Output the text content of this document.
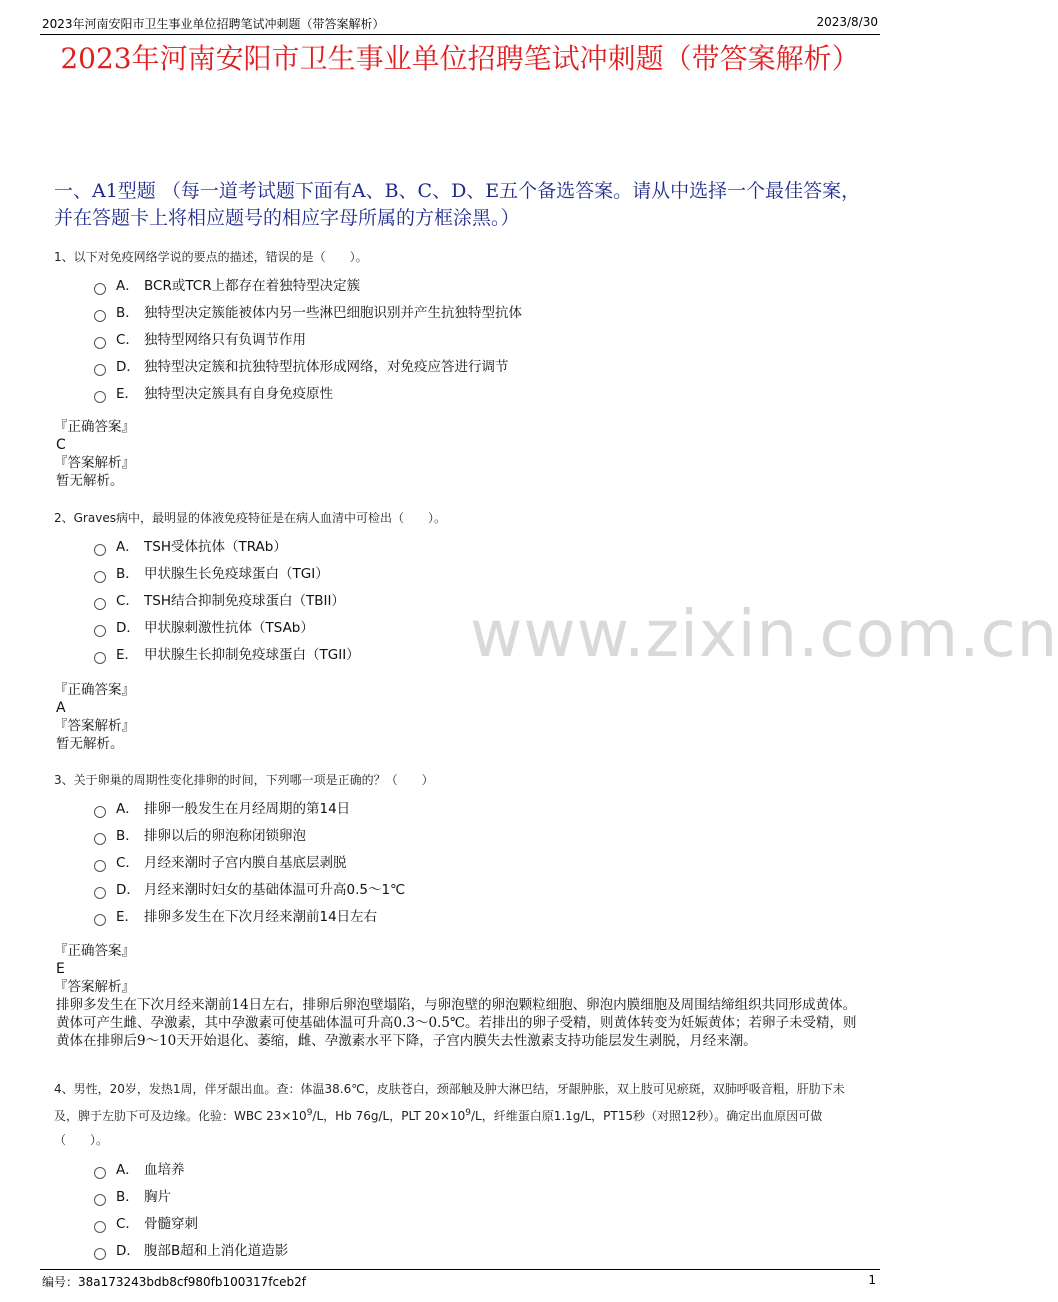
2023年河南安阳市卫生事业单位招聘笔试冲刺题（带答案解析）	2023/8/30
2023年河南安阳市卫生事业单位招聘笔试冲刺题（带答案解析）
一、A1型题 （每一道考试题下面有A、B、C、D、E五个备选答案。请从中选择一个最佳答案，并在答题卡上将相应题号的相应字母所属的方框涂黑。）
www.zixin.com.cn

1、以下对免疫网络学说的要点的描述，错误的是（　　）。

A． BCR或TCR上都存在着独特型决定簇
B． 独特型决定簇能被体内另一些淋巴细胞识别并产生抗独特型抗体
C． 独特型网络只有负调节作用
D． 独特型决定簇和抗独特型抗体形成网络，对免疫应答进行调节
E． 独特型决定簇具有自身免疫原性
『正确答案』
C
『答案解析』
暂无解析。

2、Graves病中，最明显的体液免疫特征是在病人血清中可检出（　　）。

A． TSH受体抗体（TRAb）
B． 甲状腺生长免疫球蛋白（TGI）
C． TSH结合抑制免疫球蛋白（TBII）
D． 甲状腺刺激性抗体（TSAb）
E． 甲状腺生长抑制免疫球蛋白（TGII）
『正确答案』
A
『答案解析』
暂无解析。

3、关于卵巢的周期性变化排卵的时间，下列哪一项是正确的？（　　）

A． 排卵一般发生在月经周期的第14日
B． 排卵以后的卵泡称闭锁卵泡
C． 月经来潮时子宫内膜自基底层剥脱
D． 月经来潮时妇女的基础体温可升高0.5～1℃
E． 排卵多发生在下次月经来潮前14日左右
『正确答案』
E
『答案解析』
排卵多发生在下次月经来潮前14日左右，排卵后卵泡壁塌陷，与卵泡壁的卵泡颗粒细胞、卵泡内膜细胞及周围结缔组织共同形成黄体。黄体可产生雌、孕激素，其中孕激素可使基础体温可升高0.3～0.5℃。若排出的卵子受精，则黄体转变为妊娠黄体；若卵子未受精，则黄体在排卵后9～10天开始退化、萎缩，雌、孕激素水平下降，子宫内膜失去性激素支持功能层发生剥脱，月经来潮。

4、男性，20岁，发热1周，伴牙龈出血。查：体温38.6℃，皮肤苍白，颈部触及肿大淋巴结，牙龈肿胀，双上肢可见瘀斑，双肺呼吸音粗，肝肋下未及，脾于左肋下可及边缘。化验：WBC $23\times 10^9/L$，Hb 76g/L，PLT $20\times 10^9/L$，纤维蛋白原1.1g/L，PT15秒（对照12秒）。确定出血原因可做（　　）。

A． 血培养
B． 胸片
C． 骨髓穿刺
D． 腹部B超和上消化道造影
编号：38a173243bdb8cf980fb100317fceb2f	1
